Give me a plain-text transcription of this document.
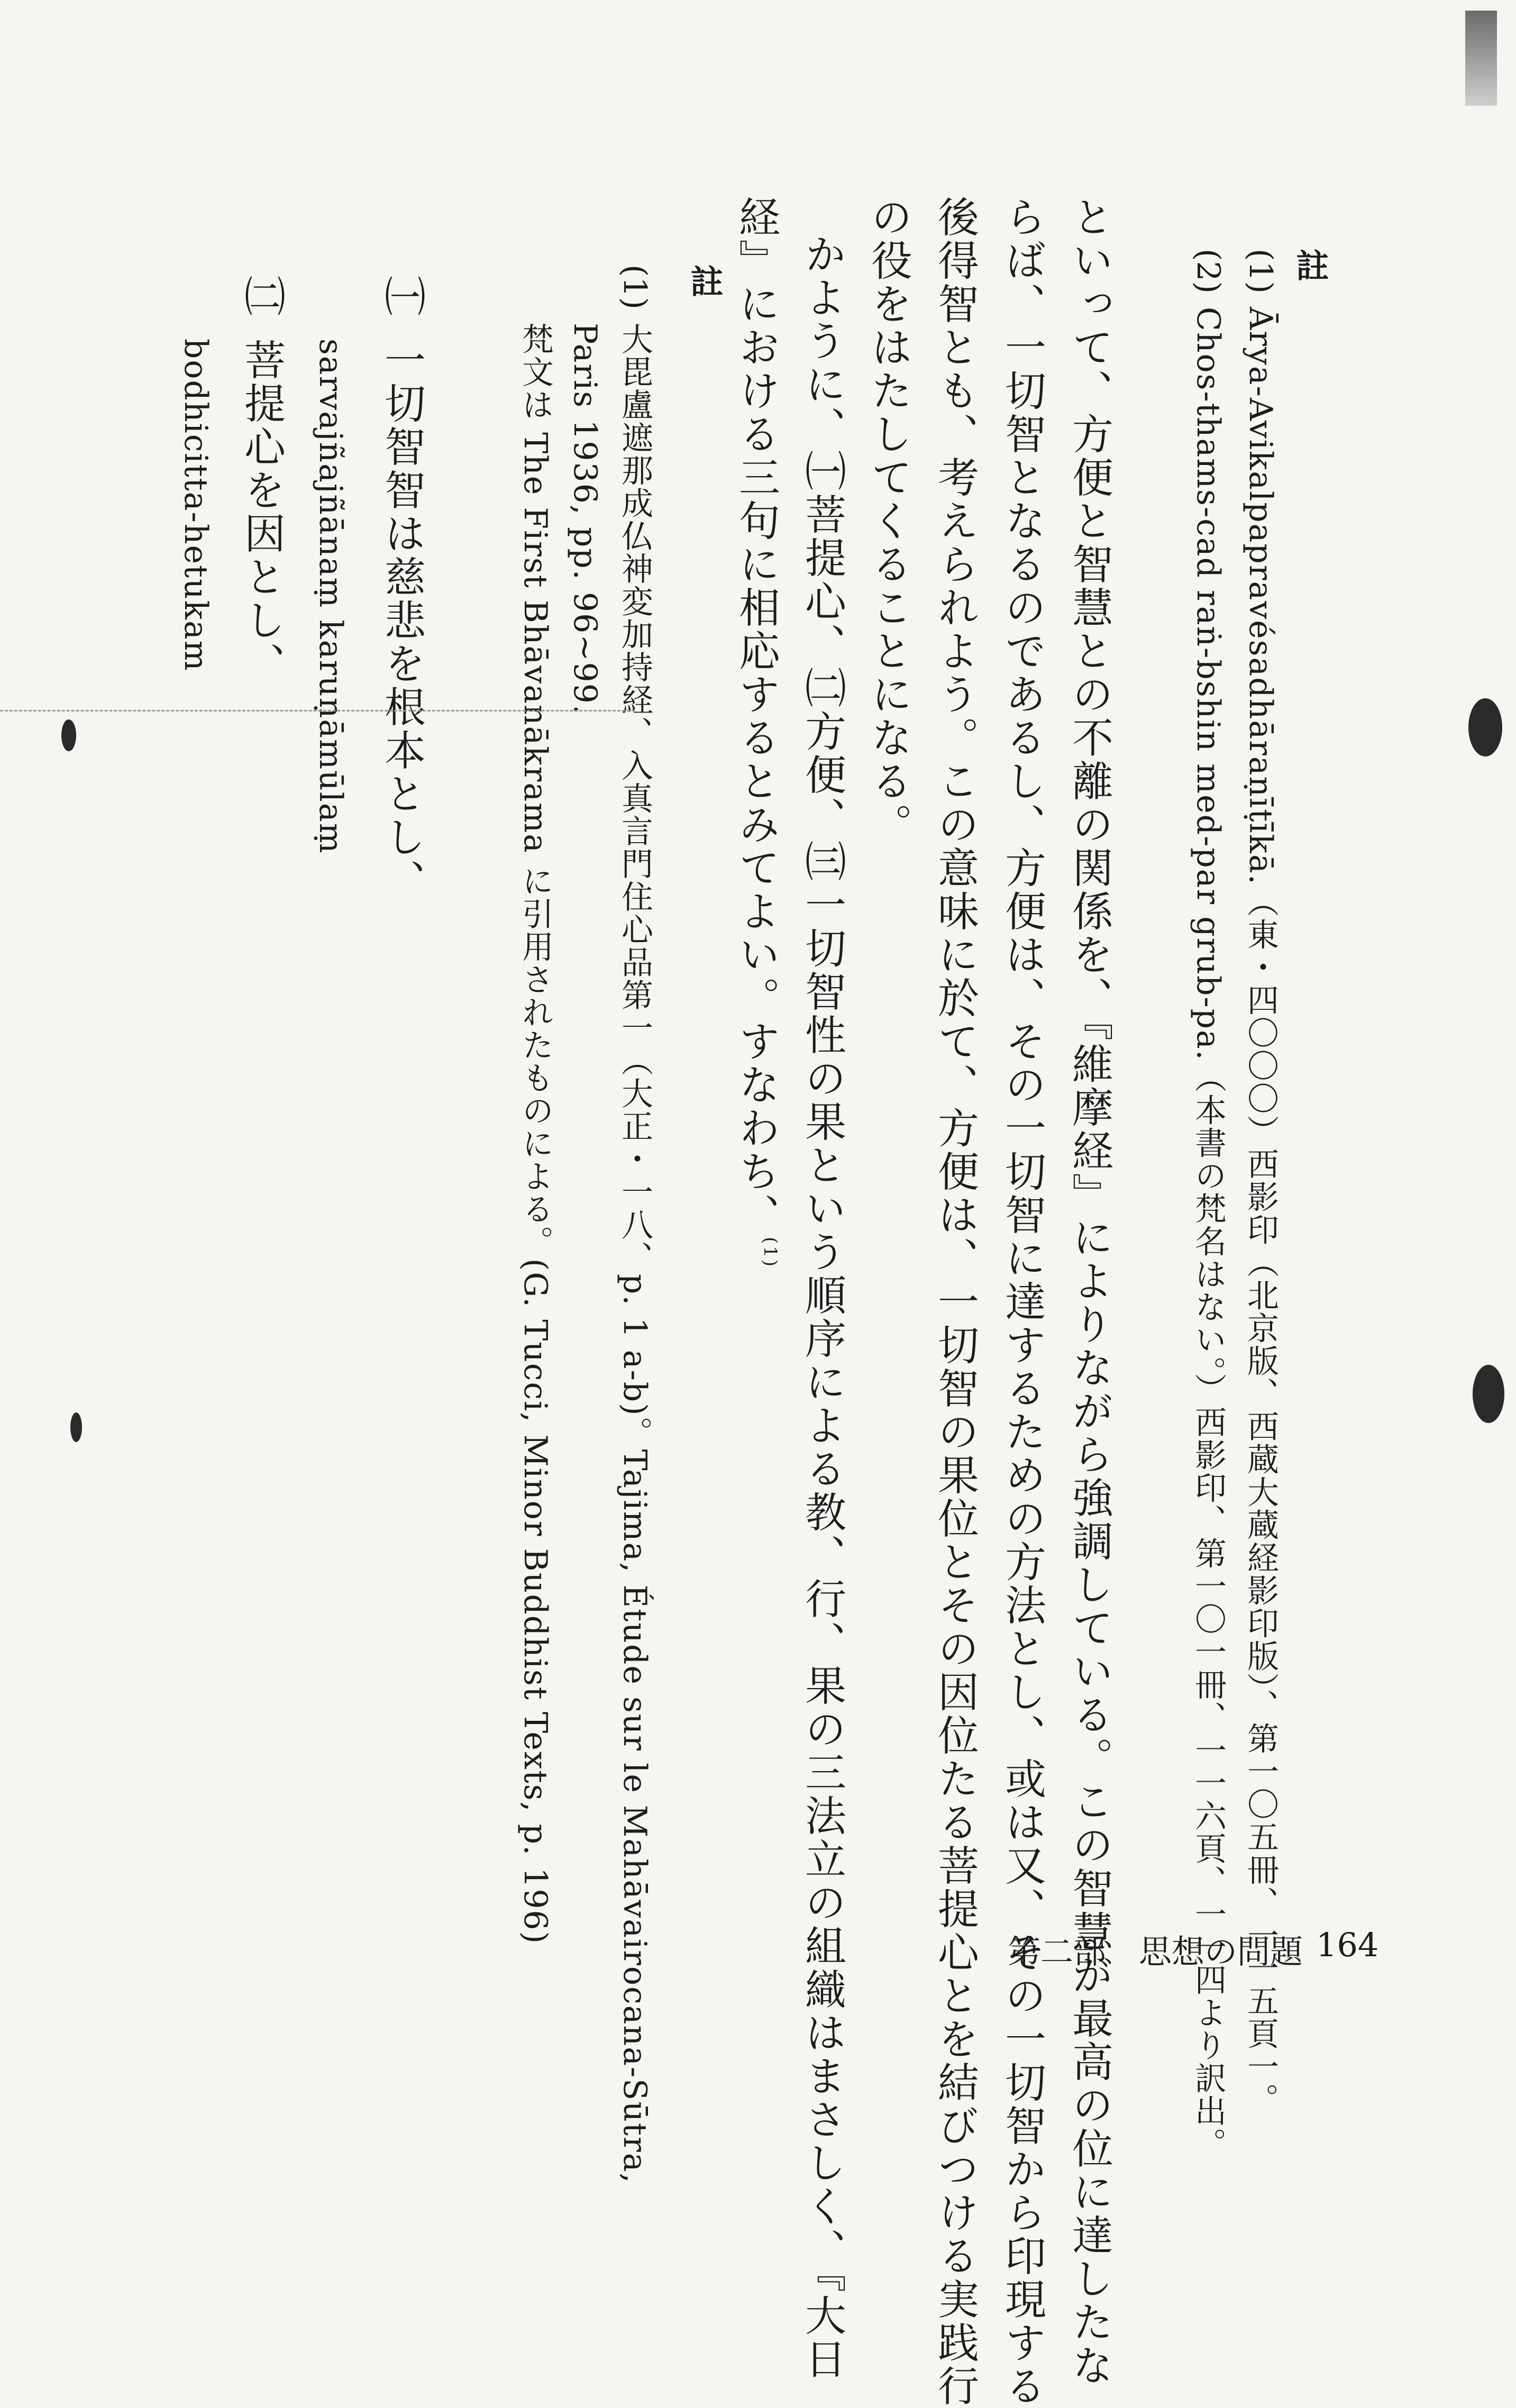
註
(1)
Ārya-Avikalpapravésadhāraṇīṭīkā.（東・四〇〇〇）西影印（北京版、西蔵大蔵経影印版）、第一〇五冊、一一五頁一。
(2)
Chos-thams-cad raṅ-bshin med-par grub-pa.（本書の梵名はない。）西影印、第一〇一冊、一一六頁、一一四より訳出。
といって、方便と智慧との不離の関係を、『維摩経』によりながら強調している。この智慧が最高の位に達したな
らば、一切智となるのであるし、方便は、その一切智に達するための方法とし、或は又、その一切智から印現する
後得智とも、考えられよう。この意味に於て、方便は、一切智の果位とその因位たる菩提心とを結びつける実践行
の役をはたしてくることになる。
かように、㈠菩提心、㈡方便、㈢一切智性の果という順序による教、行、果の三法立の組織はまさしく、『大日
経』における三句に相応するとみてよい。すなわち、$^{(1)}$
註
(1)
大毘盧遮那成仏神変加持経、入真言門住心品第一（大正・一八、p. 1 a-b)。Tajima, Étude sur le Mahāvairocana-Sūtra,
Paris 1936, pp. 96~99.
梵文は The First Bhāvanākrama に引用されたものによる。(G. Tucci, Minor Buddhist Texts, p. 196)
㈠
一切智智は慈悲を根本とし、
sarvajñajñānaṃ karuṇāmūlaṃ
㈡
菩提心を因とし、
bodhicitta-hetukam
第二部　思想の問題 164
